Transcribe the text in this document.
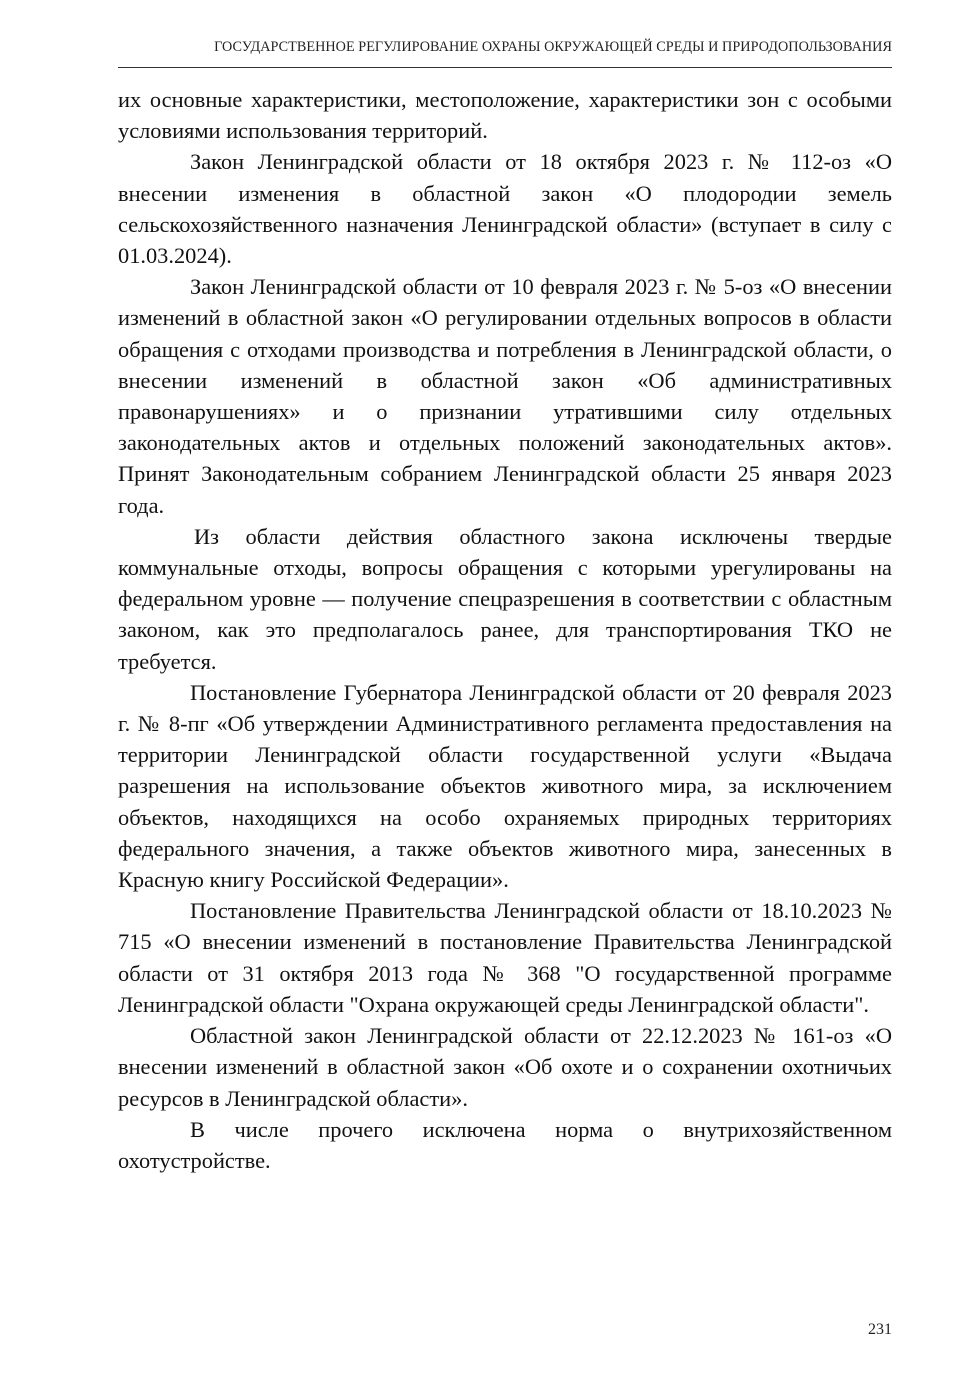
ГОСУДАРСТВЕННОЕ РЕГУЛИРОВАНИЕ ОХРАНЫ ОКРУЖАЮЩЕЙ СРЕДЫ И ПРИРОДОПОЛЬЗОВАНИЯ

их основные характеристики, местоположение, характеристики зон с особыми условиями использования территорий.

Закон Ленинградской области от 18 октября 2023 г. № 112-оз «О внесении изменения в областной закон «О плодородии земель сельскохозяйственного назначения Ленинградской области» (вступает в силу с 01.03.2024).

Закон Ленинградской области от 10 февраля 2023 г. № 5-оз «О внесении изменений в областной закон «О регулировании отдельных вопросов в области обращения с отходами производства и потребления в Ленинградской области, о внесении изменений в областной закон «Об административных правонарушениях» и о признании утратившими силу отдельных законодательных актов и отдельных положений законодательных актов». Принят Законодательным собранием Ленинградской области 25 января 2023 года.

Из области действия областного закона исключены твердые коммунальные отходы, вопросы обращения с которыми урегулированы на федеральном уровне — получение спецразрешения в соответствии с областным законом, как это предполагалось ранее, для транспортирования ТКО не требуется.

Постановление Губернатора Ленинградской области от 20 февраля 2023 г. № 8-пг «Об утверждении Административного регламента предоставления на территории Ленинградской области государственной услуги «Выдача разрешения на использование объектов животного мира, за исключением объектов, находящихся на особо охраняемых природных территориях федерального значения, а также объектов животного мира, занесенных в Красную книгу Российской Федерации».

Постановление Правительства Ленинградской области от 18.10.2023 № 715 «О внесении изменений в постановление Правительства Ленинградской области от 31 октября 2013 года № 368 "О государственной программе Ленинградской области "Охрана окружающей среды Ленинградской области".

Областной закон Ленинградской области от 22.12.2023 № 161-оз «О внесении изменений в областной закон «Об охоте и о сохранении охотничьих ресурсов в Ленинградской области».

В числе прочего исключена норма о внутрихозяйственном охотустройстве.

231
